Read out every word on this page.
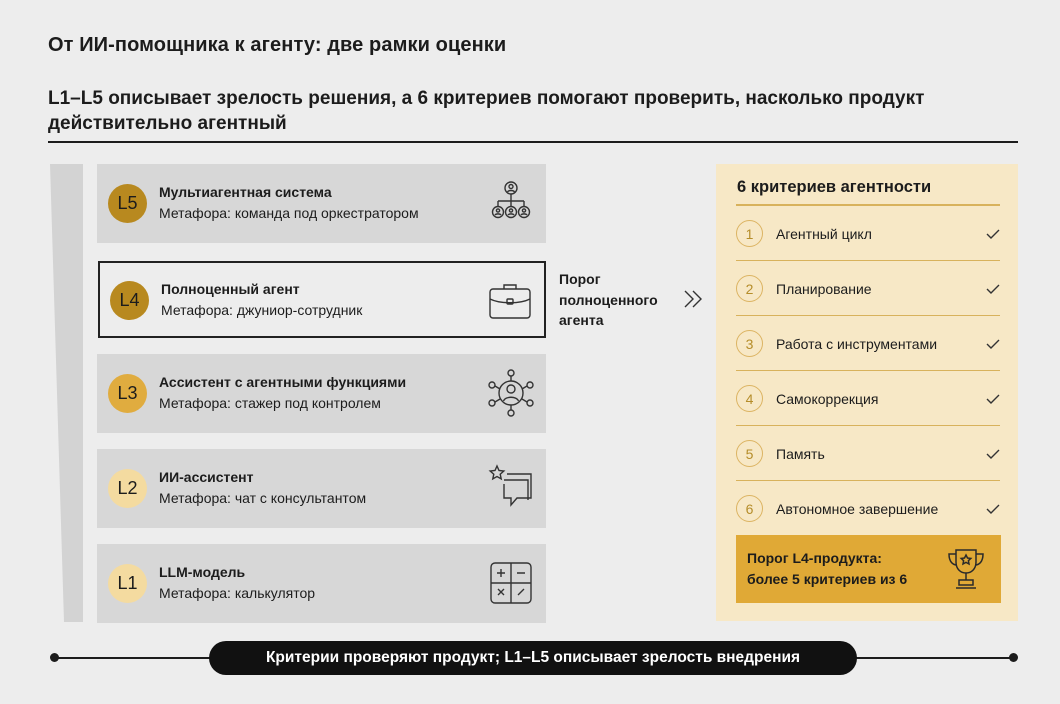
От ИИ-помощника к агенту: две рамки оценки
L1–L5 описывает зрелость решения, а 6 критериев помогают проверить, насколько продукт действительно агентный
L5
Мультиагентная система
Метафора: команда под оркестратором
L4
Полноценный агент
Метафора: джуниор-сотрудник
L3
Ассистент с агентными функциями
Метафора: стажер под контролем
L2
ИИ-ассистент
Метафора: чат с консультантом
L1
LLM-модель
Метафора: калькулятор
Порог
полноценного
агента
6 критериев агентности
1	Агентный цикл
2	Планирование
3	Работа с инструментами
4	Самокоррекция
5	Память
6	Автономное завершение
Порог L4-продукта:
более 5 критериев из 6
Критерии проверяют продукт; L1–L5 описывает зрелость внедрения
